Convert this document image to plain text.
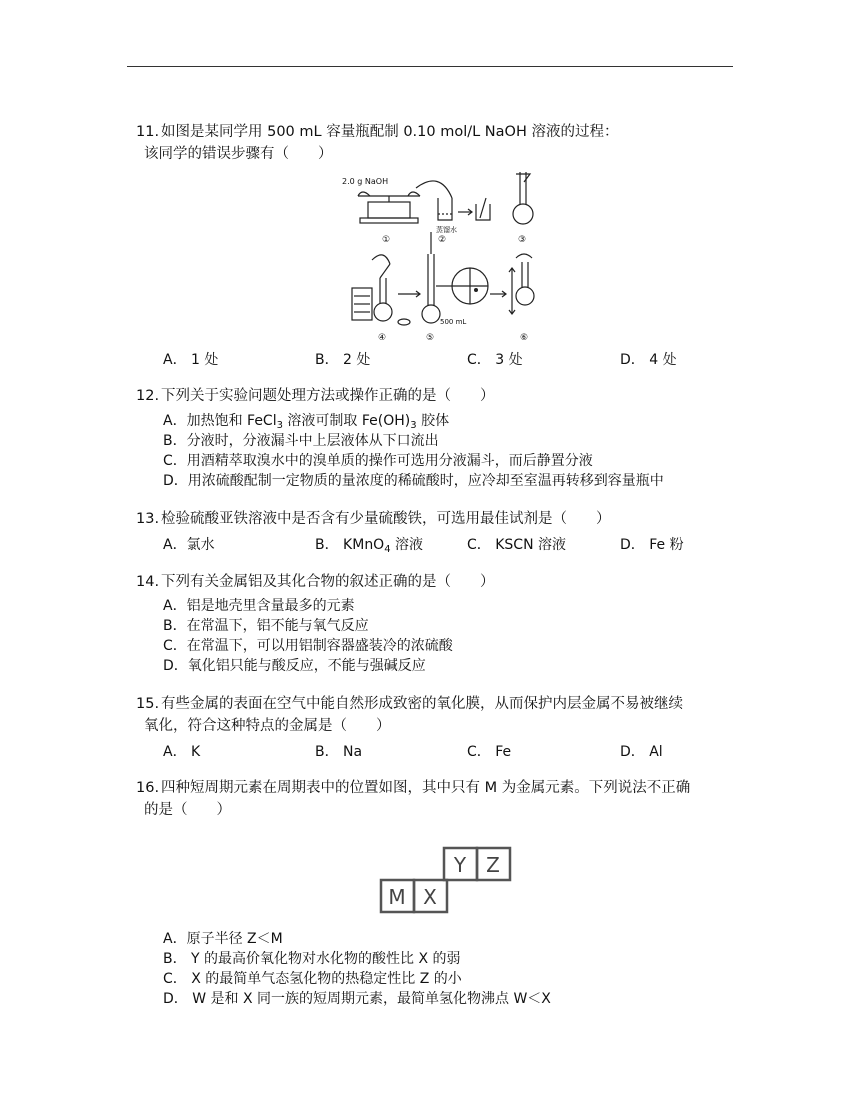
11. 如图是某同学用 500 mL 容量瓶配制 0.10 mol/L NaOH 溶液的过程：
该同学的错误步骤有（　　）
2.0 g NaOH
蒸馏水
500 mL
①	②	③
④	⑤	⑥
A． 1 处	B． 2 处	C． 3 处	D． 4 处
12. 下列关于实验问题处理方法或操作正确的是（　　）
A．加热饱和 FeCl$_3$ 溶液可制取 $Fe(OH)_3$ 胶体
B．分液时，分液漏斗中上层液体从下口流出
C．用酒精萃取溴水中的溴单质的操作可选用分液漏斗，而后静置分液
D．用浓硫酸配制一定物质的量浓度的稀硫酸时，应冷却至室温再转移到容量瓶中
13. 检验硫酸亚铁溶液中是否含有少量硫酸铁，可选用最佳试剂是（　　）
A．氯水	B． KMnO$_4$ 溶液	C． KSCN 溶液	D． Fe 粉
14. 下列有关金属铝及其化合物的叙述正确的是（　　）
A．铝是地壳里含量最多的元素
B．在常温下，铝不能与氧气反应
C．在常温下，可以用铝制容器盛装冷的浓硫酸
D．氧化铝只能与酸反应，不能与强碱反应
15. 有些金属的表面在空气中能自然形成致密的氧化膜，从而保护内层金属不易被继续
氧化，符合这种特点的金属是（　　）
A． K	B． Na	C． Fe	D． Al
16. 四种短周期元素在周期表中的位置如图，其中只有 M 为金属元素。下列说法不正确
的是（　　）
Y Z
M X
A．原子半径 Z＜M
B． Y 的最高价氧化物对水化物的酸性比 X 的弱
C． X 的最简单气态氢化物的热稳定性比 Z 的小
D． W 是和 X 同一族的短周期元素，最简单氢化物沸点 W＜X
